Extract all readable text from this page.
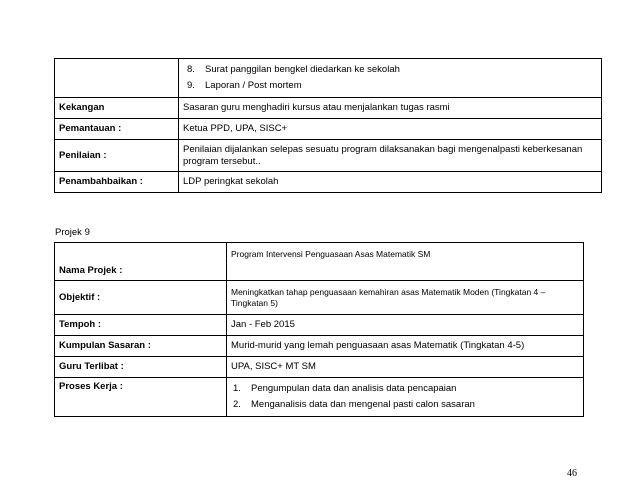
	8. Surat panggilan bengkel diedarkan ke sekolah
9. Laporan / Post mortem

Kekangan	Sasaran guru menghadiri kursus atau menjalankan tugas rasmi
Pemantauan :	Ketua PPD, UPA, SISC+
Penilaian :	Penilaian dijalankan selepas sesuatu program dilaksanakan bagi mengenalpasti keberkesanan program tersebut..
Penambahbaikan :	LDP peringkat sekolah
Projek 9
Nama Projek :	Program Intervensi Penguasaan Asas Matematik SM
Objektif :	Meningkatkan tahap penguasaan kemahiran asas Matematik Moden (Tingkatan 4 – Tingkatan 5)
Tempoh :	Jan - Feb 2015
Kumpulan Sasaran :	Murid-murid yang lemah penguasaan asas Matematik (Tingkatan 4-5)
Guru Terlibat :	UPA, SISC+ MT SM
Proses Kerja :	1. Pengumpulan data dan analisis data pencapaian
2. Menganalisis data dan mengenal pasti calon sasaran
46
